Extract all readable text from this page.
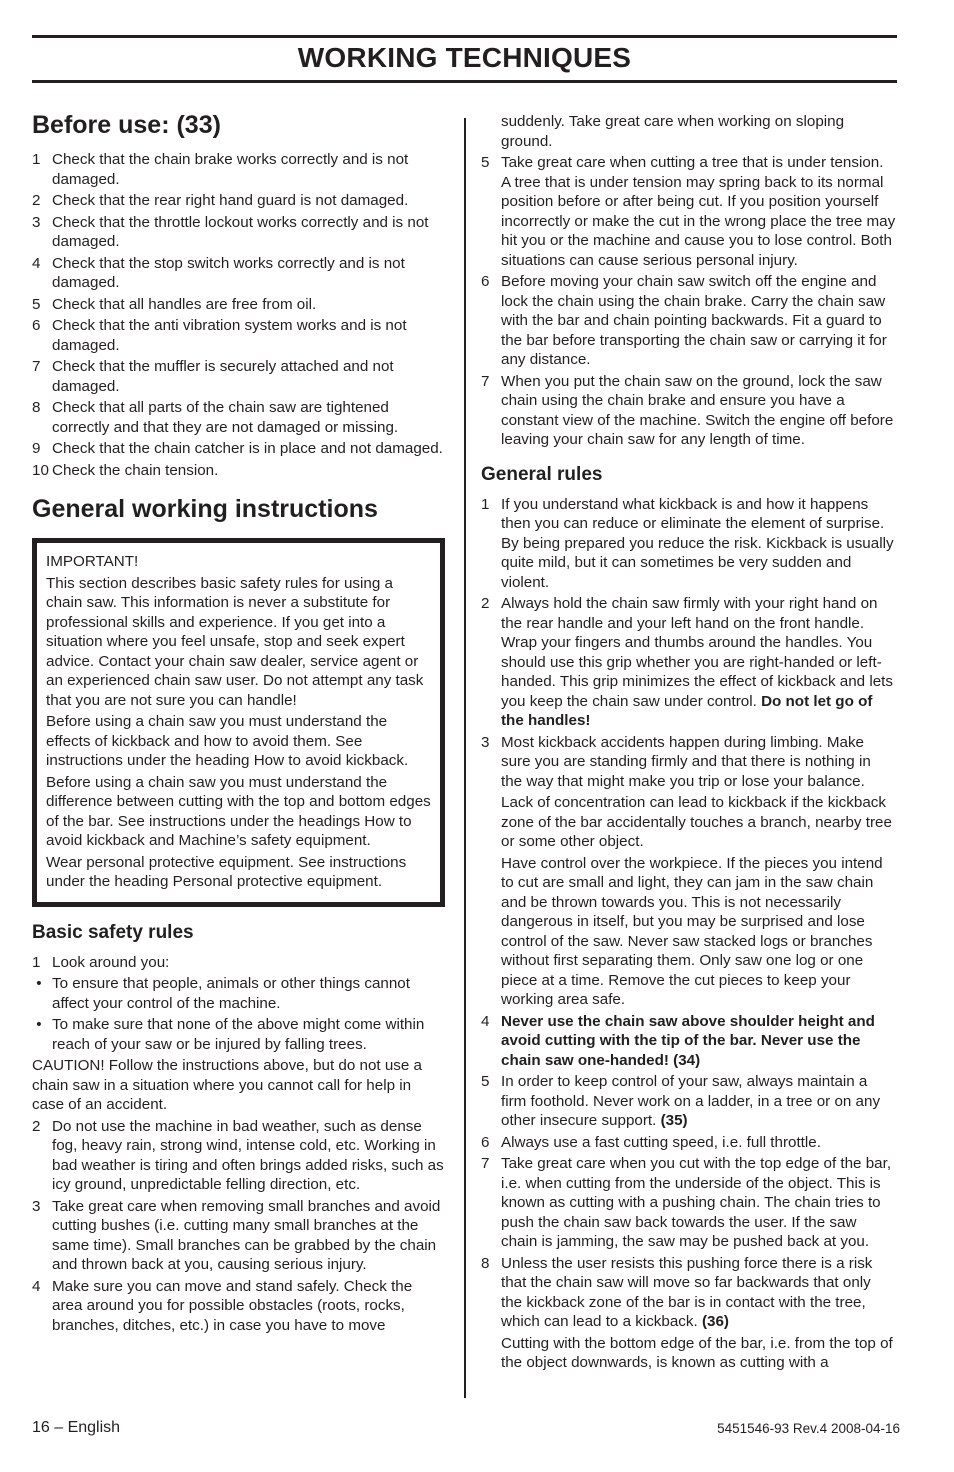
WORKING TECHNIQUES
Before use: (33)
1 Check that the chain brake works correctly and is not damaged.
2 Check that the rear right hand guard is not damaged.
3 Check that the throttle lockout works correctly and is not damaged.
4 Check that the stop switch works correctly and is not damaged.
5 Check that all handles are free from oil.
6 Check that the anti vibration system works and is not damaged.
7 Check that the muffler is securely attached and not damaged.
8 Check that all parts of the chain saw are tightened correctly and that they are not damaged or missing.
9 Check that the chain catcher is in place and not damaged.
10 Check the chain tension.
General working instructions
IMPORTANT!
This section describes basic safety rules for using a chain saw. This information is never a substitute for professional skills and experience. If you get into a situation where you feel unsafe, stop and seek expert advice. Contact your chain saw dealer, service agent or an experienced chain saw user. Do not attempt any task that you are not sure you can handle!
Before using a chain saw you must understand the effects of kickback and how to avoid them. See instructions under the heading How to avoid kickback.
Before using a chain saw you must understand the difference between cutting with the top and bottom edges of the bar. See instructions under the headings How to avoid kickback and Machine’s safety equipment.
Wear personal protective equipment. See instructions under the heading Personal protective equipment.
Basic safety rules
1 Look around you:
• To ensure that people, animals or other things cannot affect your control of the machine.
• To make sure that none of the above might come within reach of your saw or be injured by falling trees.
CAUTION! Follow the instructions above, but do not use a chain saw in a situation where you cannot call for help in case of an accident.
2 Do not use the machine in bad weather, such as dense fog, heavy rain, strong wind, intense cold, etc. Working in bad weather is tiring and often brings added risks, such as icy ground, unpredictable felling direction, etc.
3 Take great care when removing small branches and avoid cutting bushes (i.e. cutting many small branches at the same time). Small branches can be grabbed by the chain and thrown back at you, causing serious injury.
4 Make sure you can move and stand safely. Check the area around you for possible obstacles (roots, rocks, branches, ditches, etc.) in case you have to move
suddenly. Take great care when working on sloping ground.
5 Take great care when cutting a tree that is under tension. A tree that is under tension may spring back to its normal position before or after being cut. If you position yourself incorrectly or make the cut in the wrong place the tree may hit you or the machine and cause you to lose control. Both situations can cause serious personal injury.
6 Before moving your chain saw switch off the engine and lock the chain using the chain brake. Carry the chain saw with the bar and chain pointing backwards. Fit a guard to the bar before transporting the chain saw or carrying it for any distance.
7 When you put the chain saw on the ground, lock the saw chain using the chain brake and ensure you have a constant view of the machine. Switch the engine off before leaving your chain saw for any length of time.
General rules
1 If you understand what kickback is and how it happens then you can reduce or eliminate the element of surprise. By being prepared you reduce the risk. Kickback is usually quite mild, but it can sometimes be very sudden and violent.
2 Always hold the chain saw firmly with your right hand on the rear handle and your left hand on the front handle. Wrap your fingers and thumbs around the handles. You should use this grip whether you are right-handed or left-handed. This grip minimizes the effect of kickback and lets you keep the chain saw under control. Do not let go of the handles!
3 Most kickback accidents happen during limbing. Make sure you are standing firmly and that there is nothing in the way that might make you trip or lose your balance.
Lack of concentration can lead to kickback if the kickback zone of the bar accidentally touches a branch, nearby tree or some other object.
Have control over the workpiece. If the pieces you intend to cut are small and light, they can jam in the saw chain and be thrown towards you. This is not necessarily dangerous in itself, but you may be surprised and lose control of the saw. Never saw stacked logs or branches without first separating them. Only saw one log or one piece at a time. Remove the cut pieces to keep your working area safe.
4 Never use the chain saw above shoulder height and avoid cutting with the tip of the bar. Never use the chain saw one-handed! (34)
5 In order to keep control of your saw, always maintain a firm foothold. Never work on a ladder, in a tree or on any other insecure support. (35)
6 Always use a fast cutting speed, i.e. full throttle.
7 Take great care when you cut with the top edge of the bar, i.e. when cutting from the underside of the object. This is known as cutting with a pushing chain. The chain tries to push the chain saw back towards the user. If the saw chain is jamming, the saw may be pushed back at you.
8 Unless the user resists this pushing force there is a risk that the chain saw will move so far backwards that only the kickback zone of the bar is in contact with the tree, which can lead to a kickback. (36)
Cutting with the bottom edge of the bar, i.e. from the top of the object downwards, is known as cutting with a
16 – English	5451546-93 Rev.4 2008-04-16
